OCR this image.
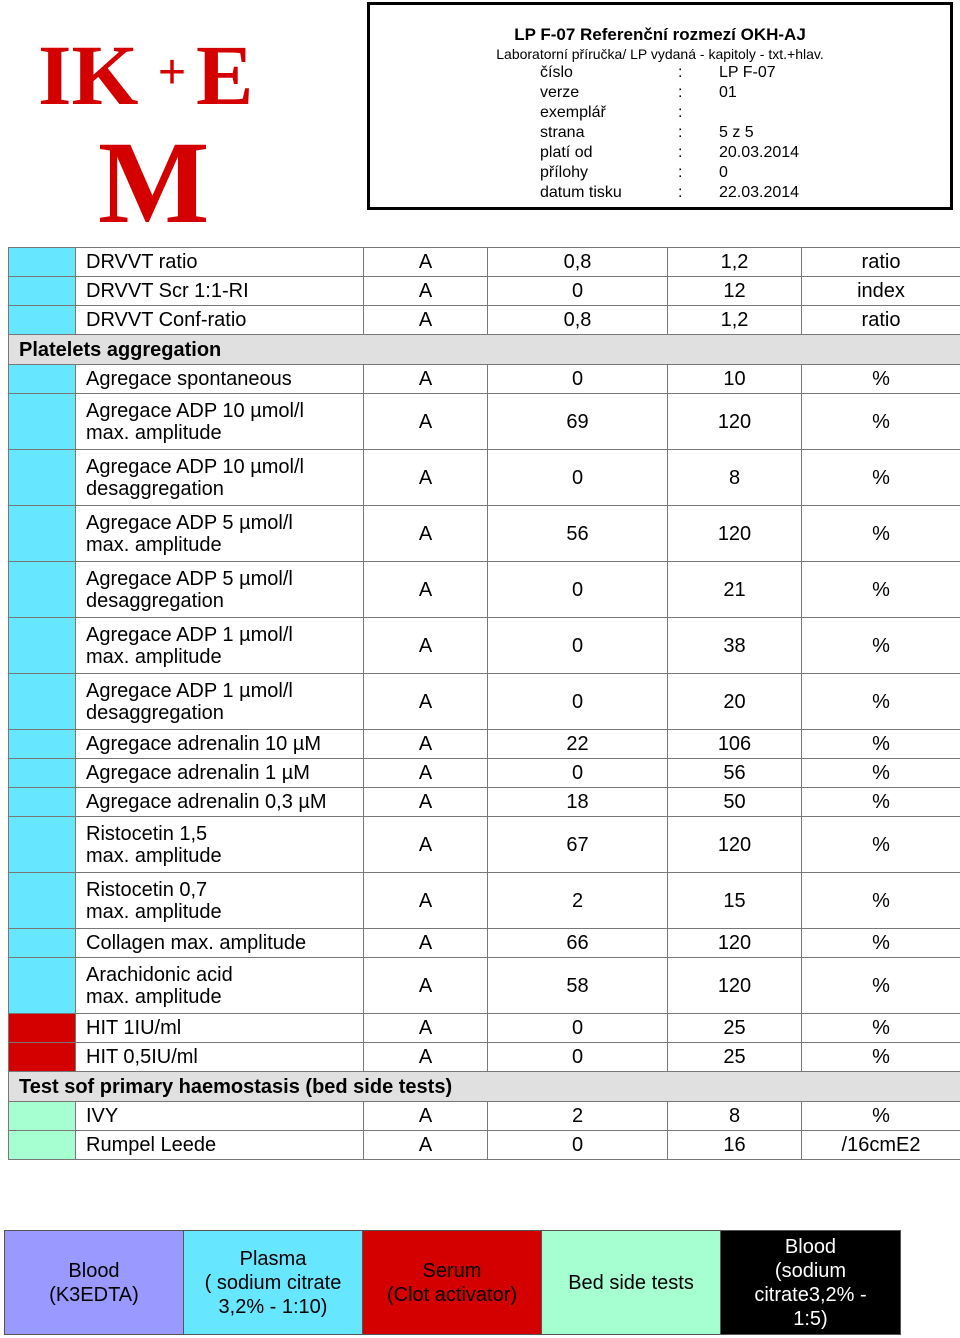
IK E
+
M
LP F-07 Referenční rozmezí OKH-AJ
Laboratorní příručka/ LP vydaná - kapitoly - txt.+hlav.
číslo	: LP F-07
verze	: 01
exemplář	:
strana	: 5 z 5
platí od	: 20.03.2014
přílohy	: 0
datum tisku	: 22.03.2014

	DRVVT ratio	A	0,8	1,2	ratio

	DRVVT Scr 1:1-RI	A	0	12	index

	DRVVT Conf-ratio	A	0,8	1,2	ratio
Platelets aggregation					

	Agregace spontaneous	A	0	10	%

	Agregace ADP 10 µmol/l
max. amplitude	A	69	120	%

	Agregace ADP 10 µmol/l
desaggregation	A	0	8	%

	Agregace ADP 5 µmol/l
max. amplitude	A	56	120	%

	Agregace ADP 5 µmol/l
desaggregation	A	0	21	%

	Agregace ADP 1 µmol/l
max. amplitude	A	0	38	%

	Agregace ADP 1 µmol/l
desaggregation	A	0	20	%

	Agregace adrenalin 10 µM	A	22	106	%

	Agregace adrenalin 1 µM	A	0	56	%

	Agregace adrenalin 0,3 µM	A	18	50	%

	Ristocetin 1,5
max. amplitude	A	67	120	%

	Ristocetin 0,7
max. amplitude	A	2	15	%

	Collagen max. amplitude	A	66	120	%

	Arachidonic acid
max. amplitude	A	58	120	%

	HIT 1IU/ml	A	0	25	%

	HIT 0,5IU/ml	A	0	25	%
Test sof primary haemostasis (bed side tests)					

	IVY	A	2	8	%

	Rumpel Leede	A	0	16	/16cmE2
Blood
(K3EDTA)
Plasma
( sodium citrate
3,2% - 1:10)
Serum
(Clot activator)
Bed side tests
Blood
(sodium
citrate3,2% -
1:5)
